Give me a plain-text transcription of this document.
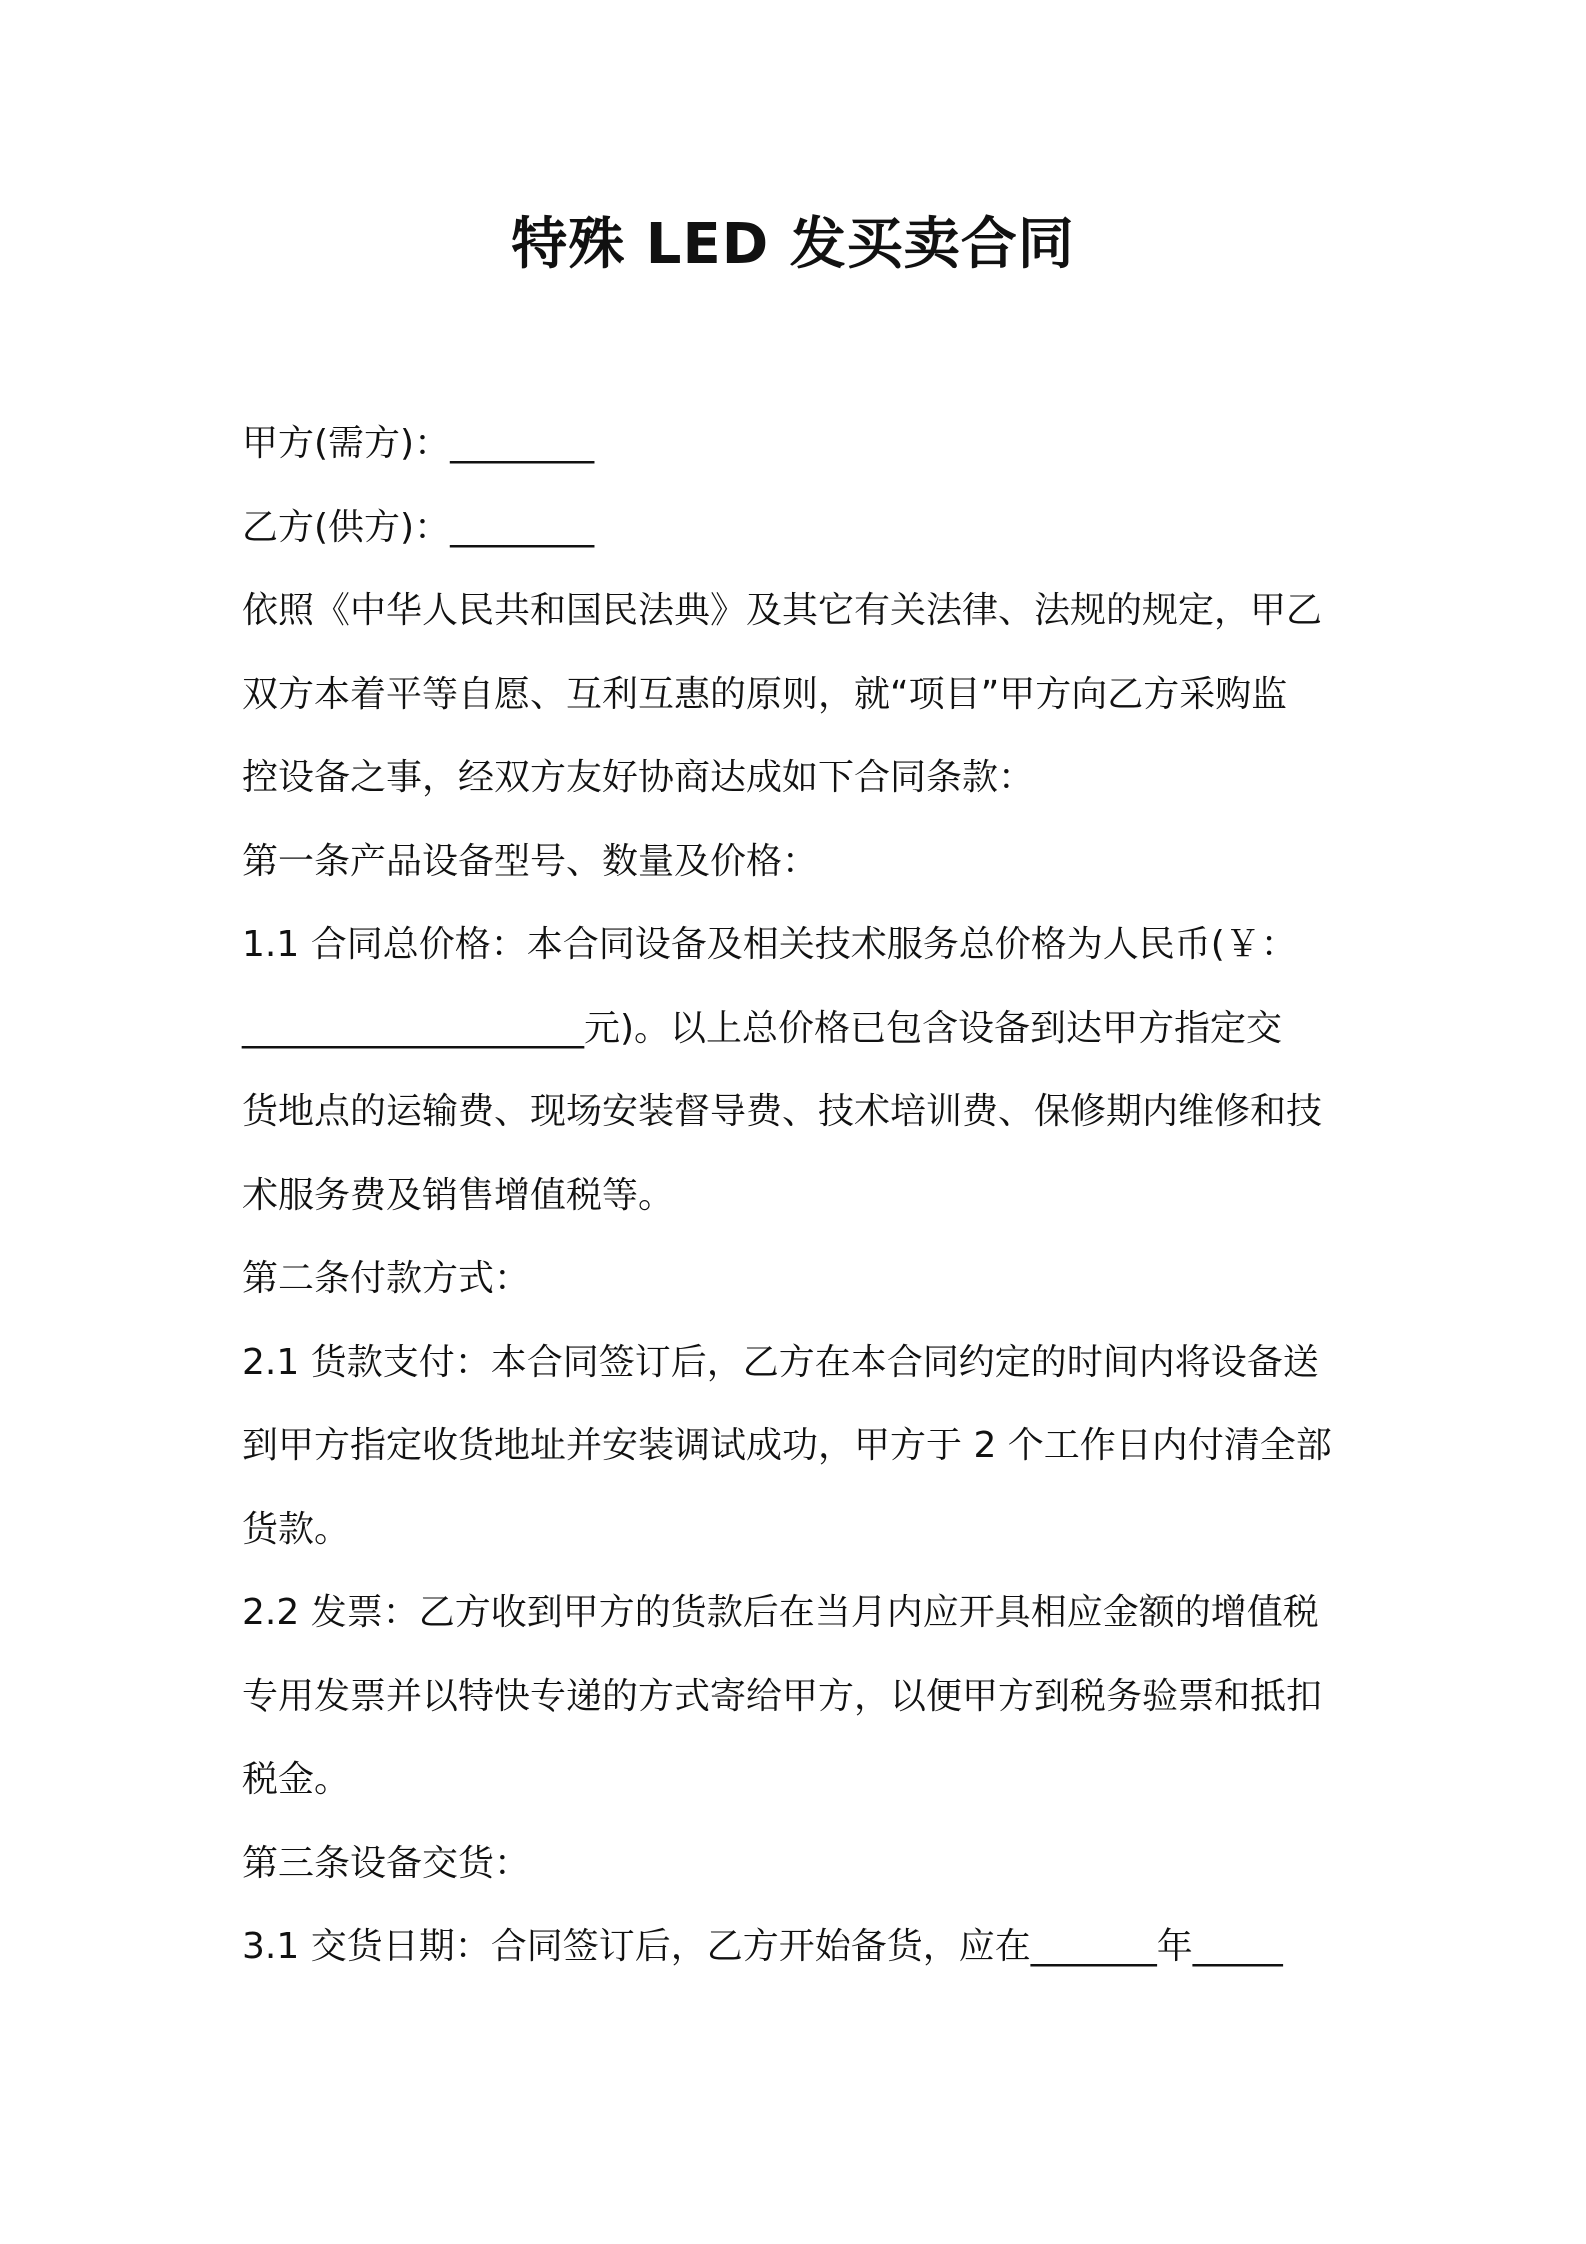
特殊 LED 发买卖合同
甲方(需方)：________
乙方(供方)：________
依照《中华人民共和国民法典》及其它有关法律、法规的规定，甲乙
双方本着平等自愿、互利互惠的原则，就“项目”甲方向乙方采购监
控设备之事，经双方友好协商达成如下合同条款：
第一条产品设备型号、数量及价格：
1.1 合同总价格：本合同设备及相关技术服务总价格为人民币(￥：
___________________元)。以上总价格已包含设备到达甲方指定交
货地点的运输费、现场安装督导费、技术培训费、保修期内维修和技
术服务费及销售增值税等。
第二条付款方式：
2.1 货款支付：本合同签订后，乙方在本合同约定的时间内将设备送
到甲方指定收货地址并安装调试成功，甲方于 2 个工作日内付清全部
货款。
2.2 发票：乙方收到甲方的货款后在当月内应开具相应金额的增值税
专用发票并以特快专递的方式寄给甲方，以便甲方到税务验票和抵扣
税金。
第三条设备交货：
3.1 交货日期：合同签订后，乙方开始备货，应在_______年_____
